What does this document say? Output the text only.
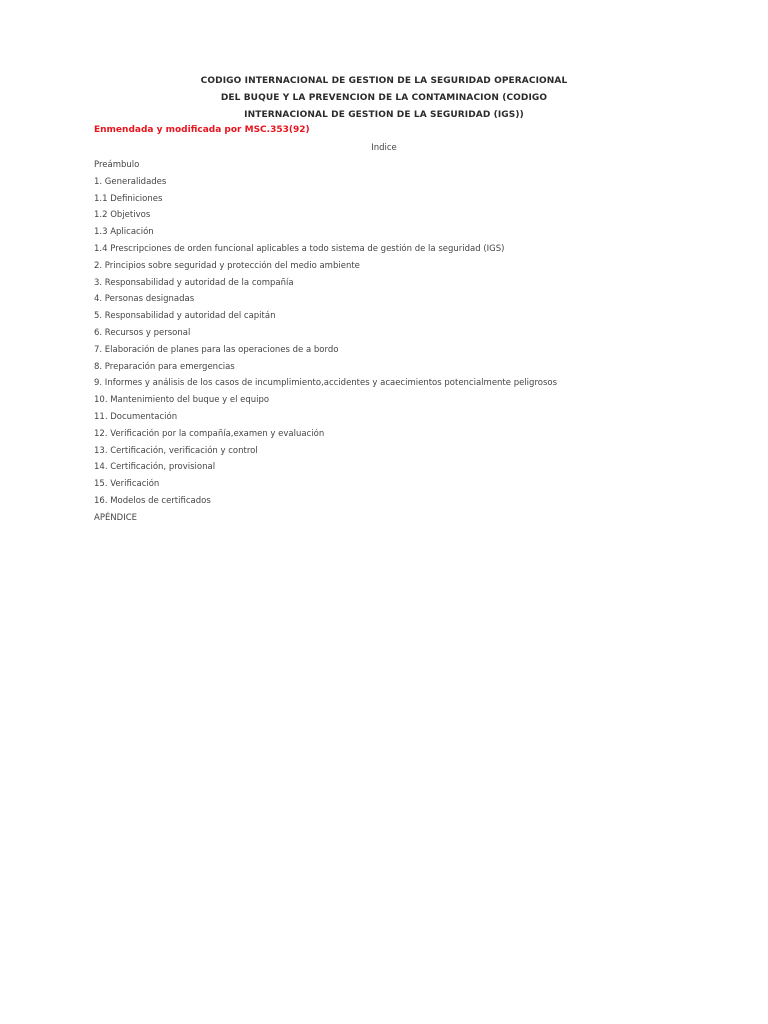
CODIGO INTERNACIONAL DE GESTION DE LA SEGURIDAD OPERACIONAL
DEL BUQUE Y LA PREVENCION DE LA CONTAMINACION (CODIGO
INTERNACIONAL DE GESTION DE LA SEGURIDAD (IGS))
Enmendada y modificada por MSC.353(92)
Indice
Preámbulo
1. Generalidades
1.1 Definiciones
1.2 Objetivos
1.3 Aplicación
1.4 Prescripciones de orden funcional aplicables a todo sistema de gestión de la seguridad (IGS)
2. Principios sobre seguridad y protección del medio ambiente
3. Responsabilidad y autoridad de la compañía
4. Personas designadas
5. Responsabilidad y autoridad del capitán
6. Recursos y personal
7. Elaboración de planes para las operaciones de a bordo
8. Preparación para emergencias
9. Informes y análisis de los casos de incumplimiento,accidentes y acaecimientos potencialmente peligrosos
10. Mantenimiento del buque y el equipo
11. Documentación
12. Verificación por la compañía,examen y evaluación
13. Certificación, verificación y control
14. Certificación, provisional
15. Verificación
16. Modelos de certificados
APÉNDICE
